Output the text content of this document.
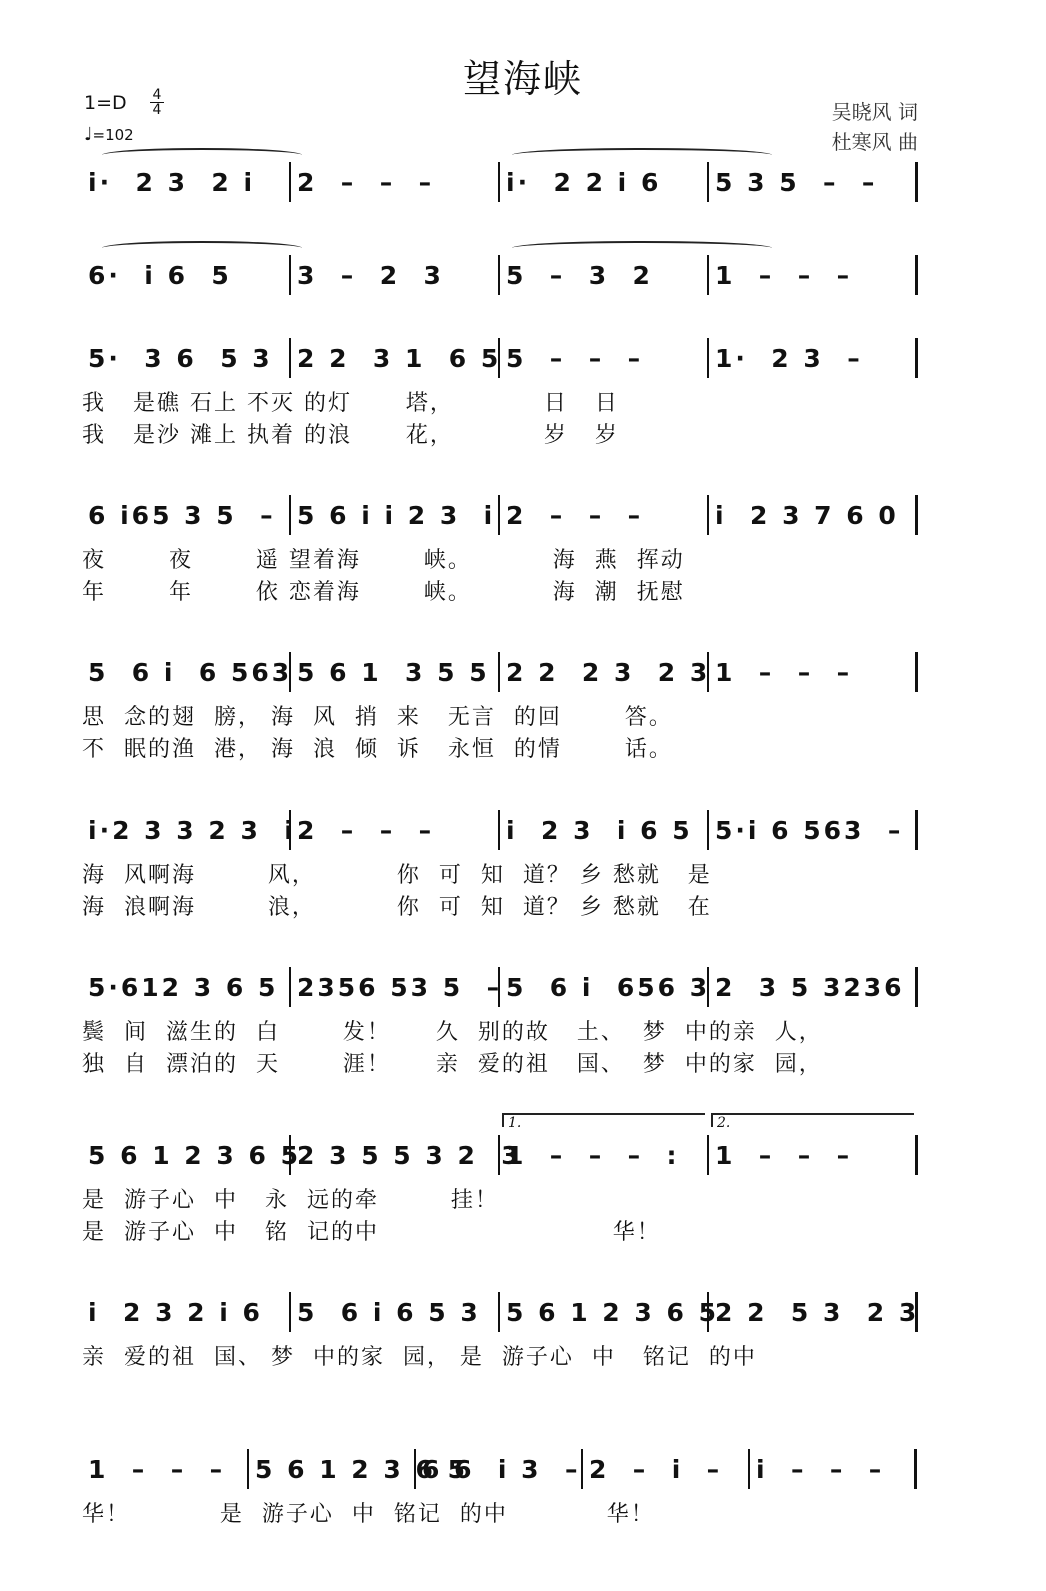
望海峡
1=D 4
4
♩=102
吴晓风 词
杜寒风 曲
i·  2 3  2 i	2  –  –  –	i·  2 2 i 6	5 3 5  –  –
6·  i 6  5	3  –  2  3	5  –  3  2	1  –  –  –
5·  3 6  5 3 2 2  3 1  6 5 5  –  –  –	1·  2 3  –
我   是礁 石上 不灭 的灯      塔，          日   日
我   是沙 滩上 执着 的浪      花，          岁   岁
6 i65 3 5  – 5 6 i i 2 3  i 2  –  –  –	i  2 3 7 6 0
夜       夜       遥 望着海       峡。         海  燕  挥动
年       年       依 恋着海       峡。         海  潮  抚慰
5  6 i  6 563 5 6 1  3 5 5 2 2  2 3  2 3 1  –  –  –
思  念的翅  膀， 海  风  捎  来   无言  的回       答。
不  眠的渔  港， 海  浪  倾  诉   永恒  的情       话。
i·2 3 3 2 3  i 2  –  –  –	i  2 3  i 6 5 5·i 6 563  –
海  风啊海        风，         你  可  知  道？ 乡 愁就   是
海  浪啊海        浪，         你  可  知  道？ 乡 愁就   在
5·612 3 6 5 2356 53 5  – 5  6 i  656 3 2  3 5 3236
鬓  间  滋生的  白       发！     久  别的故   土、  梦  中的亲  人，
独  自  漂泊的  天       涯！     亲  爱的祖   国、  梦  中的家  园，
5 6 1 2 3 6 5
2 3 5 5 3 2  3
1  –  –  –  :	1  –  –  –
1.	2.
是  游子心  中   永  远的牵        挂！
是  游子心  中   铭  记的中                          华！
i  2 3 2 i 6	5  6 i 6 5 3	5 6 1 2 3 6 5
2 2  5 3  2 3
亲  爱的祖  国、 梦  中的家  园， 是  游子心  中   铭记  的中
1  –  –  –	5 6 1 2 3 6 5
6 6  i 3  – 2  –  i  –	i  –  –  –
华！          是  游子心  中  铭记  的中           华！
